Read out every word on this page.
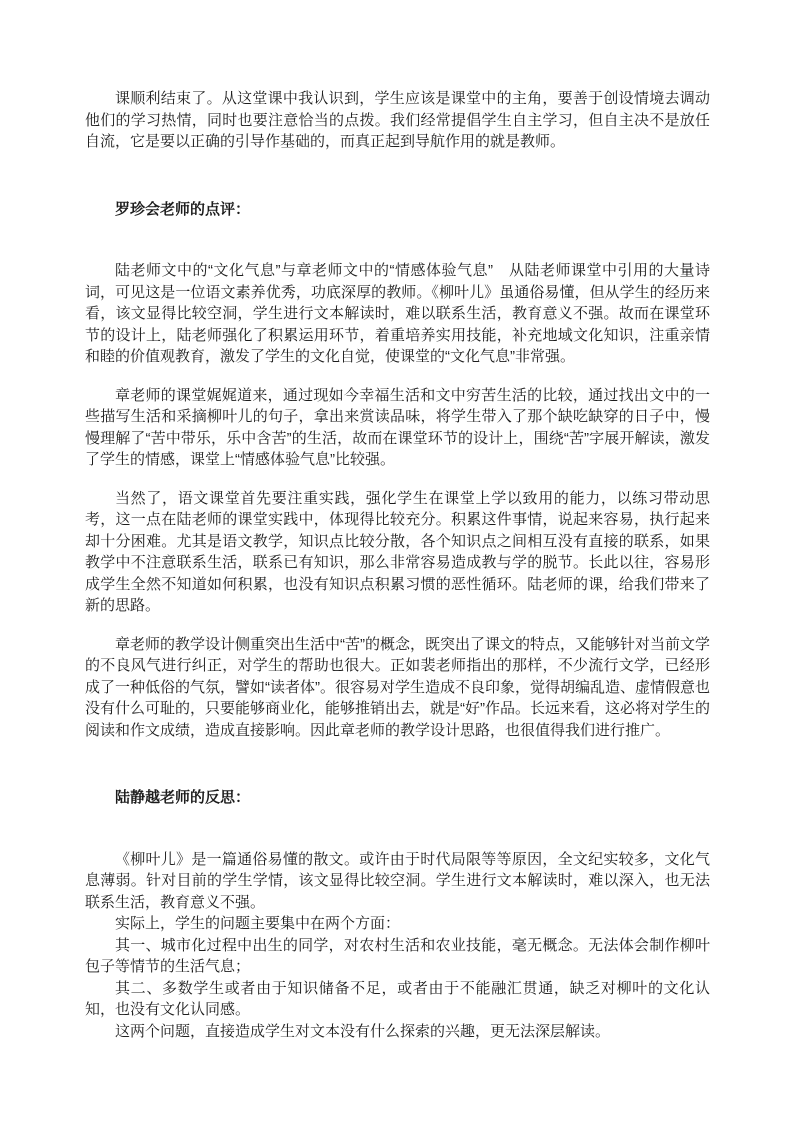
课顺利结束了。从这堂课中我认识到，学生应该是课堂中的主角，要善于创设情境去调动他们的学习热情，同时也要注意恰当的点拨。我们经常提倡学生自主学习，但自主决不是放任自流，它是要以正确的引导作基础的，而真正起到导航作用的就是教师。

罗珍会老师的点评：

陆老师文中的“文化气息”与章老师文中的“情感体验气息”　从陆老师课堂中引用的大量诗词，可见这是一位语文素养优秀，功底深厚的教师。《柳叶儿》虽通俗易懂，但从学生的经历来看，该文显得比较空洞，学生进行文本解读时，难以联系生活，教育意义不强。故而在课堂环节的设计上，陆老师强化了积累运用环节，着重培养实用技能，补充地域文化知识，注重亲情和睦的价值观教育，激发了学生的文化自觉，使课堂的“文化气息”非常强。

章老师的课堂娓娓道来，通过现如今幸福生活和文中穷苦生活的比较，通过找出文中的一些描写生活和采摘柳叶儿的句子，拿出来赏读品味，将学生带入了那个缺吃缺穿的日子中，慢慢理解了“苦中带乐，乐中含苦”的生活，故而在课堂环节的设计上，围绕“苦”字展开解读，激发了学生的情感，课堂上“情感体验气息”比较强。

当然了，语文课堂首先要注重实践，强化学生在课堂上学以致用的能力，以练习带动思考，这一点在陆老师的课堂实践中，体现得比较充分。积累这件事情，说起来容易，执行起来却十分困难。尤其是语文教学，知识点比较分散，各个知识点之间相互没有直接的联系，如果教学中不注意联系生活，联系已有知识，那么非常容易造成教与学的脱节。长此以往，容易形成学生全然不知道如何积累，也没有知识点积累习惯的恶性循环。陆老师的课，给我们带来了新的思路。

章老师的教学设计侧重突出生活中“苦”的概念，既突出了课文的特点，又能够针对当前文学的不良风气进行纠正，对学生的帮助也很大。正如裴老师指出的那样，不少流行文学，已经形成了一种低俗的气氛，譬如“读者体”。很容易对学生造成不良印象，觉得胡编乱造、虚情假意也没有什么可耻的，只要能够商业化，能够推销出去，就是“好”作品。长远来看，这必将对学生的阅读和作文成绩，造成直接影响。因此章老师的教学设计思路，也很值得我们进行推广。

陆静越老师的反思：

《柳叶儿》是一篇通俗易懂的散文。或许由于时代局限等等原因，全文纪实较多，文化气息薄弱。针对目前的学生学情，该文显得比较空洞。学生进行文本解读时，难以深入，也无法联系生活，教育意义不强。

实际上，学生的问题主要集中在两个方面：

其一、城市化过程中出生的同学，对农村生活和农业技能，毫无概念。无法体会制作柳叶包子等情节的生活气息；

其二、多数学生或者由于知识储备不足，或者由于不能融汇贯通，缺乏对柳叶的文化认知，也没有文化认同感。

这两个问题，直接造成学生对文本没有什么探索的兴趣，更无法深层解读。
